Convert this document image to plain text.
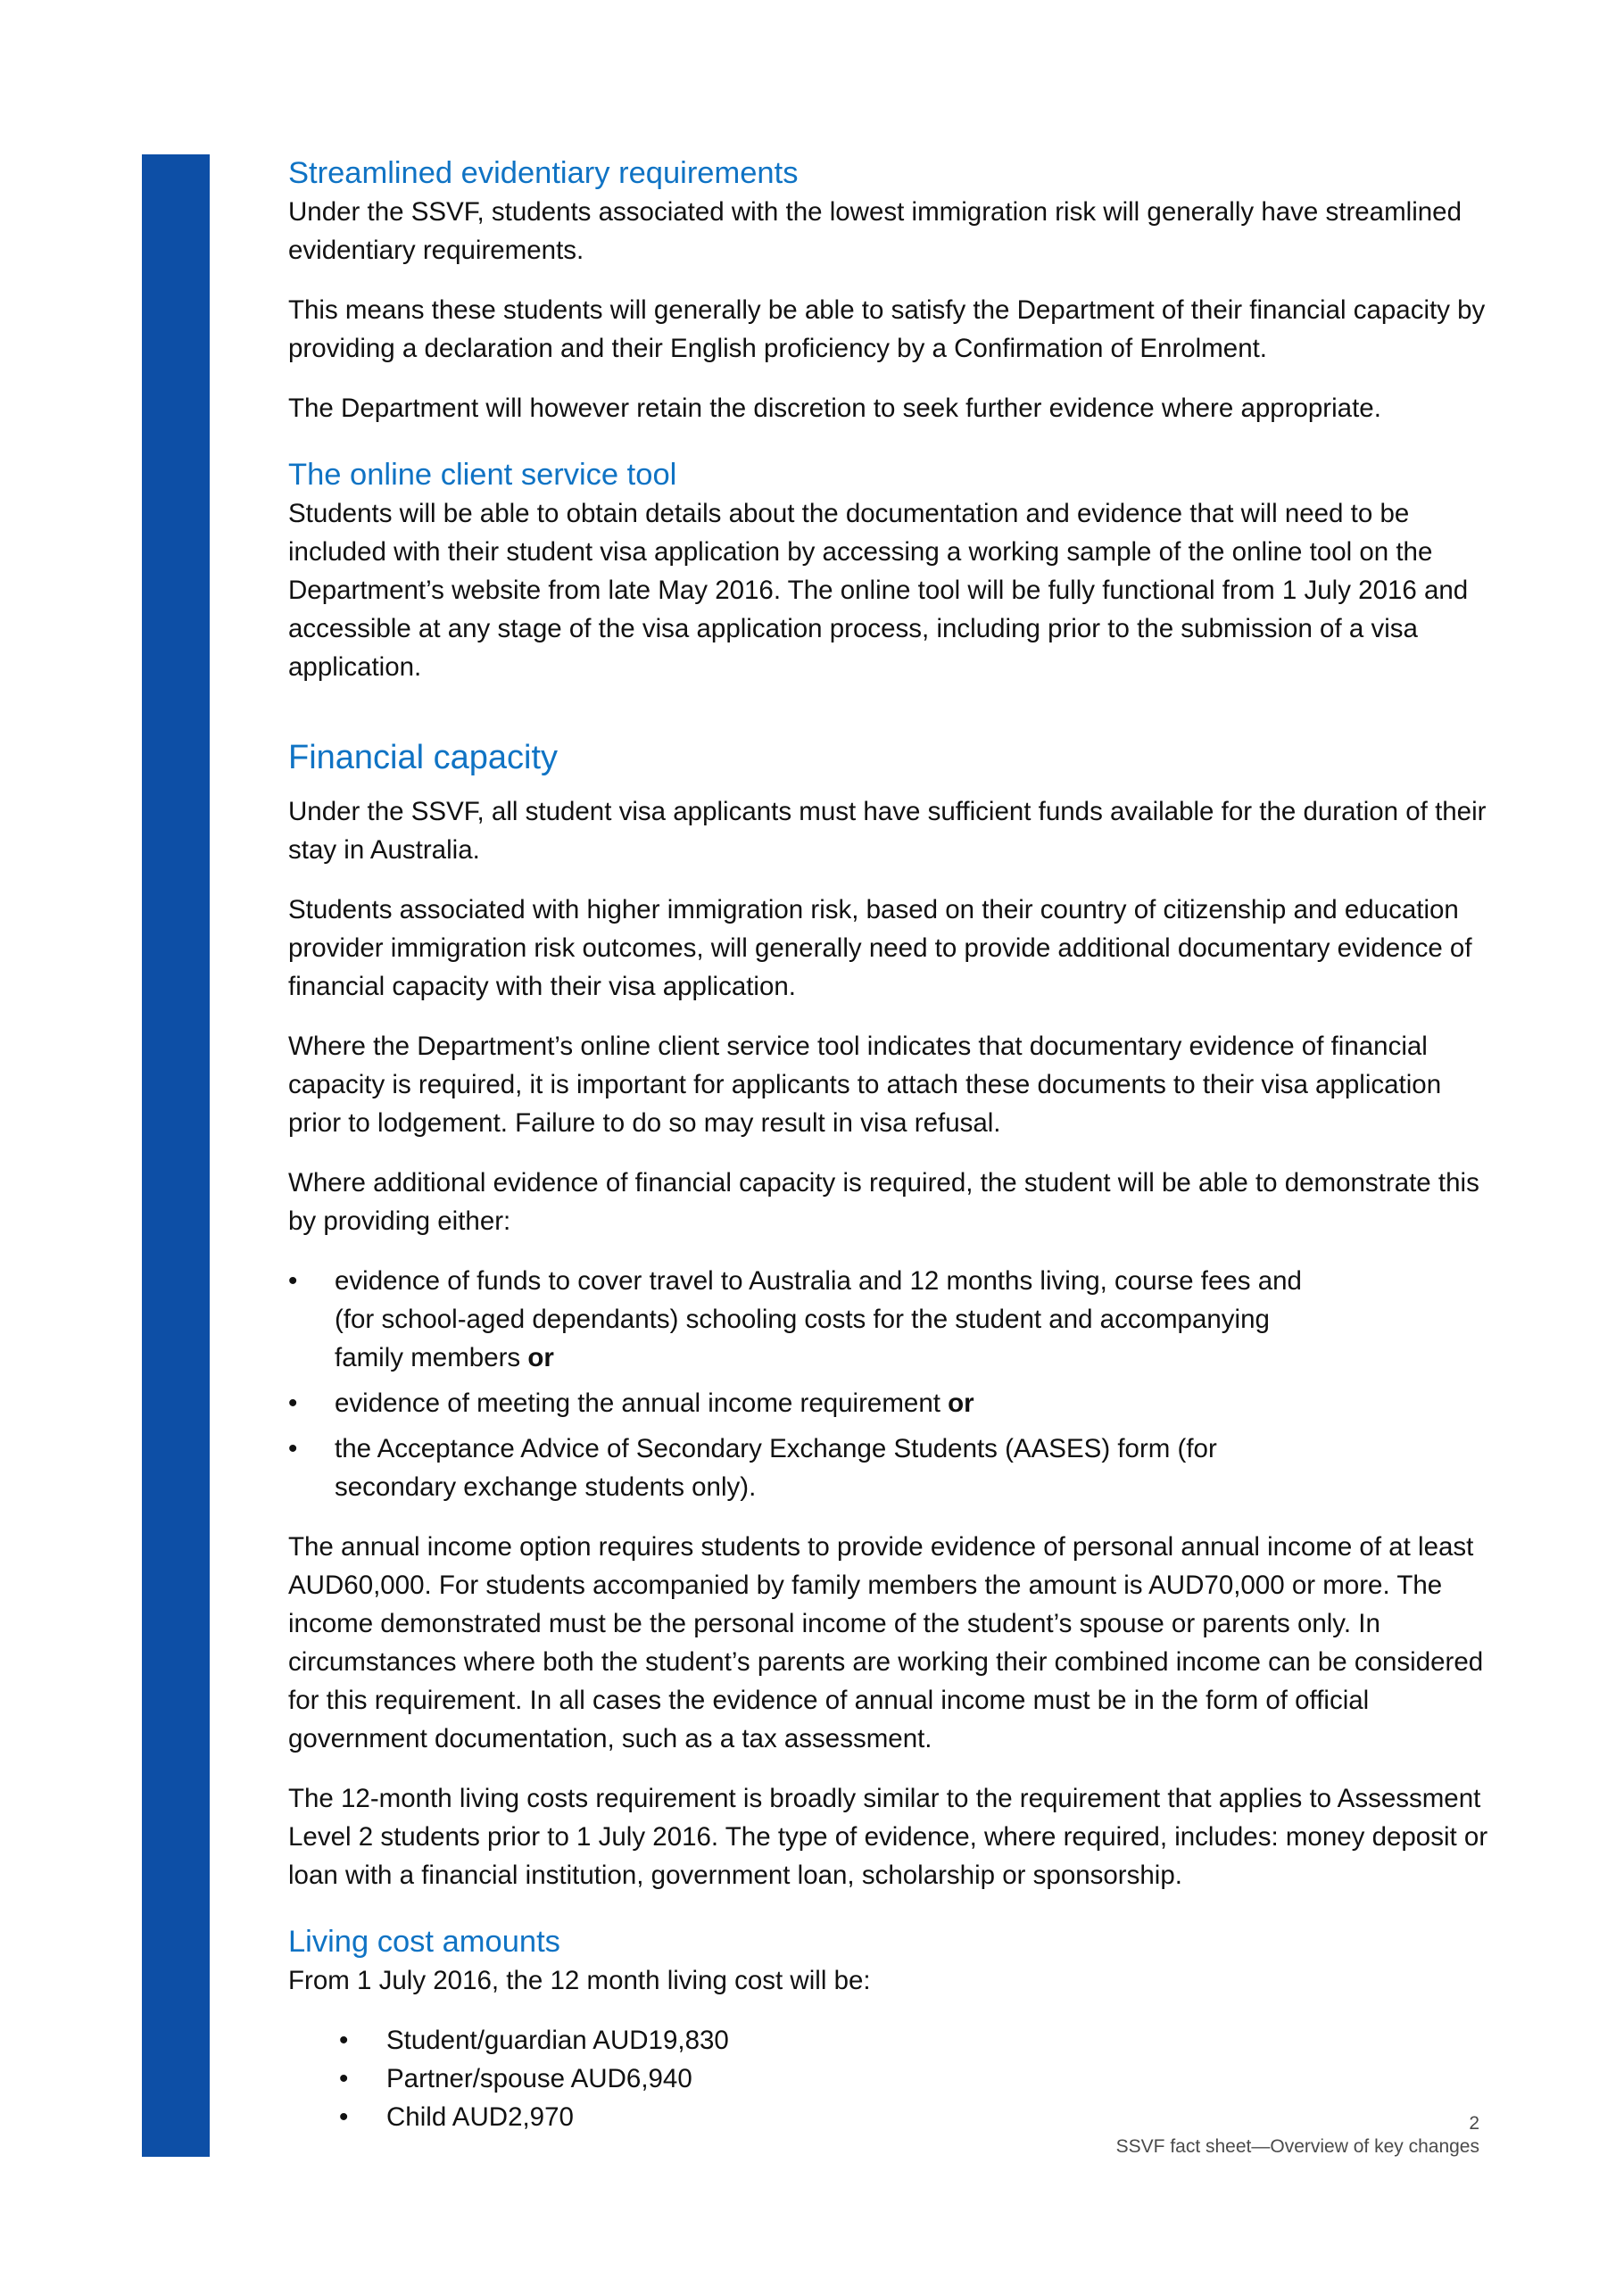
Streamlined evidentiary requirements

Under the SSVF, students associated with the lowest immigration risk will generally have streamlined evidentiary requirements.

This means these students will generally be able to satisfy the Department of their financial capacity by providing a declaration and their English proficiency by a Confirmation of Enrolment.

The Department will however retain the discretion to seek further evidence where appropriate.

The online client service tool

Students will be able to obtain details about the documentation and evidence that will need to be included with their student visa application by accessing a working sample of the online tool on the Department’s website from late May 2016. The online tool will be fully functional from 1 July 2016 and accessible at any stage of the visa application process, including prior to the submission of a visa application.

Financial capacity

Under the SSVF, all student visa applicants must have sufficient funds available for the duration of their stay in Australia.

Students associated with higher immigration risk, based on their country of citizenship and education provider immigration risk outcomes, will generally need to provide additional documentary evidence of financial capacity with their visa application.

Where the Department’s online client service tool indicates that documentary evidence of financial capacity is required, it is important for applicants to attach these documents to their visa application prior to lodgement. Failure to do so may result in visa refusal.

Where additional evidence of financial capacity is required, the student will be able to demonstrate this by providing either:

• evidence of funds to cover travel to Australia and 12 months living, course fees and (for school-aged dependants) schooling costs for the student and accompanying family members or
• evidence of meeting the annual income requirement or
• the Acceptance Advice of Secondary Exchange Students (AASES) form (for secondary exchange students only).

The annual income option requires students to provide evidence of personal annual income of at least AUD60,000. For students accompanied by family members the amount is AUD70,000 or more. The income demonstrated must be the personal income of the student’s spouse or parents only. In circumstances where both the student’s parents are working their combined income can be considered for this requirement. In all cases the evidence of annual income must be in the form of official government documentation, such as a tax assessment.

The 12-month living costs requirement is broadly similar to the requirement that applies to Assessment Level 2 students prior to 1 July 2016. The type of evidence, where required, includes: money deposit or loan with a financial institution, government loan, scholarship or sponsorship.

Living cost amounts

From 1 July 2016, the 12 month living cost will be:

• Student/guardian AUD19,830
• Partner/spouse AUD6,940
• Child AUD2,970	2
SSVF fact sheet—Overview of key changes
